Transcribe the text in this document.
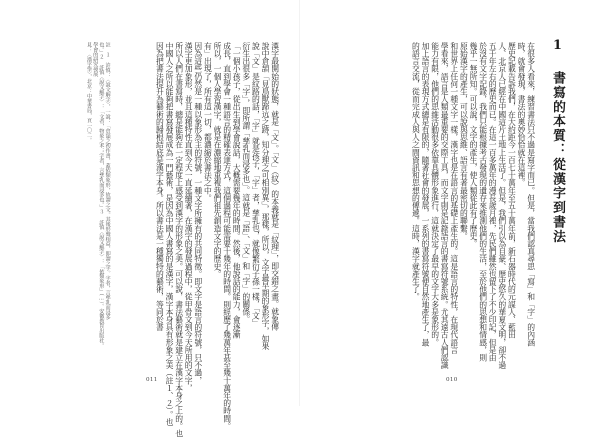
011
漢字最開始的狀態，就是「文」。「文」（紋）的本義就是「紋理」，即交錯之畫。就象傳
說中倉頡「見鳥獸蹄迒之跡，知分理之可相別異」，那樣，所以，文字最早期的象形字，如果
說「文」是紋路的話，「字」就是孩子，「字」者，孳乳也，就像繁衍子孫一樣，「文」
衍生出很多「字」，即所謂「孳乳而浸多也」。這就是「語」、「文」和「字」的關係。
「一個小孩子，從出生到學會說話，大概需要幾年的時間。然後，他說話的能力，會逐漸
成長，直到學會一種語言的精確表達方式，這個過程可能需要十幾年的時間。則經歷了幾萬年甚至幾十萬年的時間。
所以，一個人學習漢字，就是在濃縮地重複我們祖先創造文字的歷史。
有」出現了，所有這一切，都濃縮於書法之中。
因為這些仍然是一種以象形為主的符號，一種文字所擁有的共同特徵。即文字是語言的符號，只不過，
漢字更加象形，並且這種特性直到今天一直延續著，在漢字的發展過程中，從甲骨文到今天所用的文字，
所以人們在書寫時，總是能夠在一定程度上感受到漢字的形象之美。可以說，書法藝術就是建立在漢字本身之上的。也
中國人之所以能夠把書寫發展成為一門藝術，是因為中國人書寫的是漢字，漢字本身具有形象之美（註１、２）。也
因為把書法提升為藝術的歸根結底是漢字本身。所以書法是一種獨特的藝術，等同於書
註　１ 許慎：〈說文解字〉，一說：「倉頡之初作書，蓋依類象形，故謂之文。其後形聲相益，即謂之字。字者，言孳乳而浸多
也。」２ 許慎〈說文解字〉：「文者，物象之本；字者，言孳乳而浸多也。」３ 許慎〈說文解字〉：「依類象形」（…）。安徽教育出版社。
學會的研究發展
見：〈漢字學〉，北京：中華書局，頁一〇二。
010
1 書寫的本質：從漢字到書法
在很多人看來，練習書法只不過是寫字而已。但是，當我們認真尋思「寫」和「字」的內涵
時，就會發現，書法的奧妙恰恰就在這裡。
歷史記載告訴我們，在大約距今一百七十萬年至五十萬年前，新石器時代的元謀人、藍田
人、北京人已經在中國這片土地上生活了。但是，我們引以為自豪、歷史悠久的華夏文明，卻不過
五千年左右的歷史而已。在這一百多萬年的漫長歲月裡，先民們雖然也留下了不少印記，但是由
於沒有文字記錄，我們只能根據考古發現的遺存來推測他們的生活，至於他們的思想和情感，則
幾乎一無所知。可以說，文字的產生，使人類從此有了歷史。
原始漢字的產生，可以說與思維、語言有著最密切的聯繫。
和世界上任何一種文字一樣，漢字也是在語言的基礎上產生的。這是語言的特性，在現代語言
學看來，語言是人類最重要的交際工具，而文字則是記錄語言的書寫符號系統。尤其遠古人們認識
能力有限，他們的思維活動很多依靠具體形象進行，這就決定了最早的文字大多是象形的。
加上語言的表現方式總是有限的，隨著社會的發展，一系列的書寫符號便自然地產生了，最
的語言交流，從而完成人與人之間資訊和思想的傳遞。這時，漢字就產生了。
